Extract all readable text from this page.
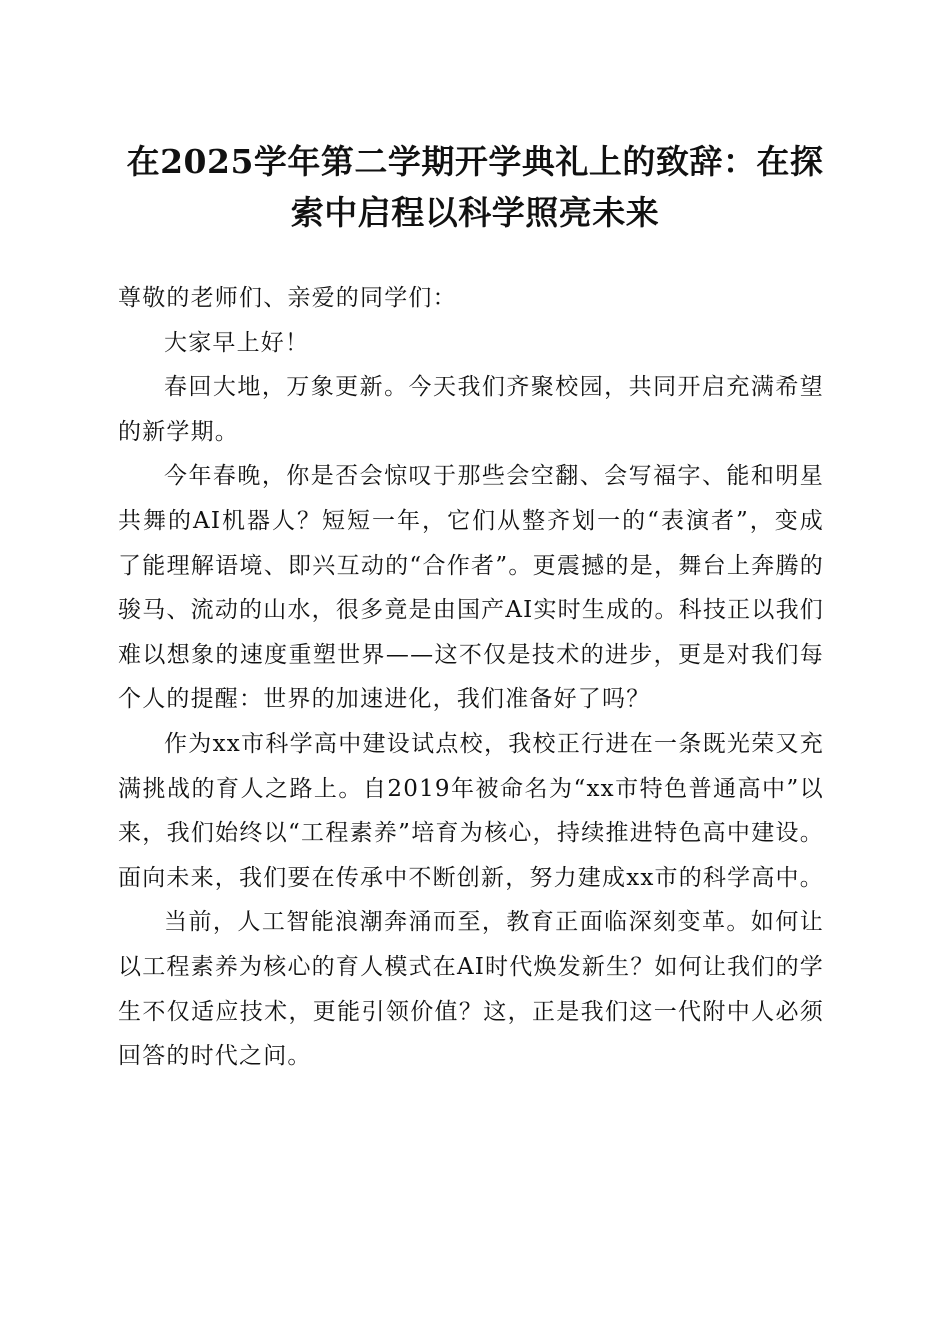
在2025学年第二学期开学典礼上的致辞：在探索中启程以科学照亮未来

尊敬的老师们、亲爱的同学们：

大家早上好！

春回大地，万象更新。今天我们齐聚校园，共同开启充满希望的新学期。

今年春晚，你是否会惊叹于那些会空翻、会写福字、能和明星共舞的AI机器人？短短一年，它们从整齐划一的“表演者”，变成了能理解语境、即兴互动的“合作者”。更震撼的是，舞台上奔腾的骏马、流动的山水，很多竟是由国产AI实时生成的。科技正以我们难以想象的速度重塑世界——这不仅是技术的进步，更是对我们每个人的提醒：世界的加速进化，我们准备好了吗？

作为xx市科学高中建设试点校，我校正行进在一条既光荣又充满挑战的育人之路上。自2019年被命名为“xx市特色普通高中”以来，我们始终以“工程素养”培育为核心，持续推进特色高中建设。面向未来，我们要在传承中不断创新，努力建成xx市的科学高中。

当前，人工智能浪潮奔涌而至，教育正面临深刻变革。如何让以工程素养为核心的育人模式在AI时代焕发新生？如何让我们的学生不仅适应技术，更能引领价值？这，正是我们这一代附中人必须回答的时代之问。
